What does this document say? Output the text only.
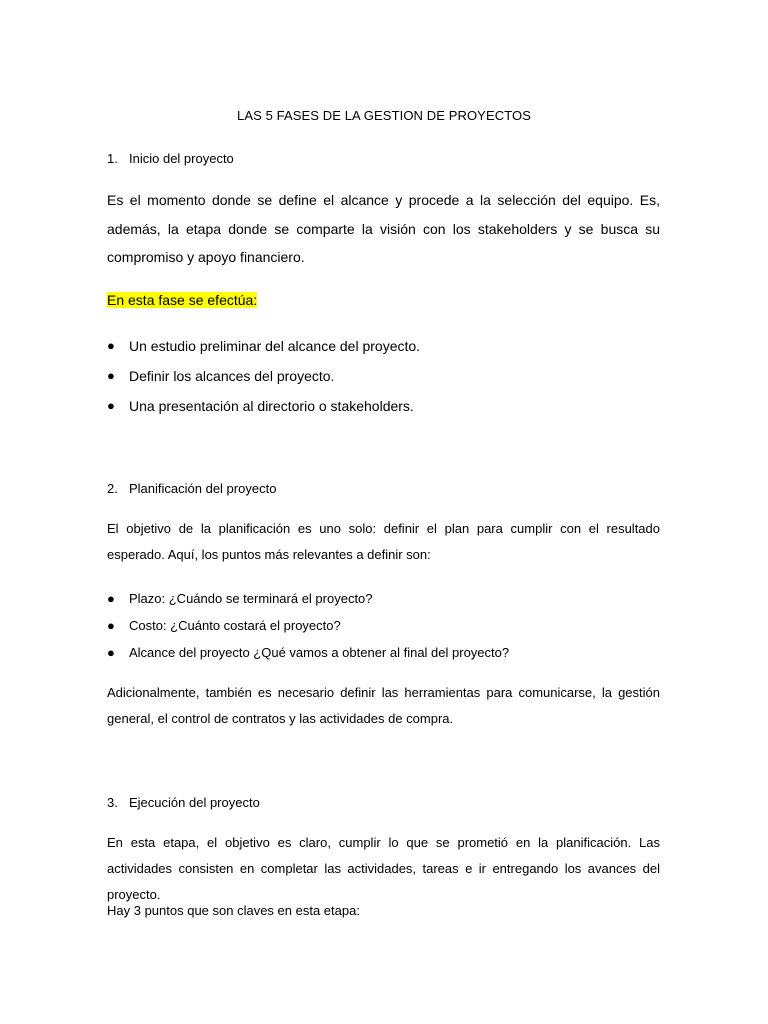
LAS 5 FASES DE LA GESTION DE PROYECTOS
1. Inicio del proyecto
Es el momento donde se define el alcance y procede a la selección del equipo. Es, además, la etapa donde se comparte la visión con los stakeholders y se busca su compromiso y apoyo financiero.
En esta fase se efectúa:
● Un estudio preliminar del alcance del proyecto.
● Definir los alcances del proyecto.
● Una presentación al directorio o stakeholders.
2. Planificación del proyecto
El objetivo de la planificación es uno solo: definir el plan para cumplir con el resultado esperado. Aquí, los puntos más relevantes a definir son:
● Plazo: ¿Cuándo se terminará el proyecto?
● Costo: ¿Cuánto costará el proyecto?
● Alcance del proyecto ¿Qué vamos a obtener al final del proyecto?
Adicionalmente, también es necesario definir las herramientas para comunicarse, la gestión general, el control de contratos y las actividades de compra.
3. Ejecución del proyecto
En esta etapa, el objetivo es claro, cumplir lo que se prometió en la planificación. Las actividades consisten en completar las actividades, tareas e ir entregando los avances del proyecto.
Hay 3 puntos que son claves en esta etapa:
